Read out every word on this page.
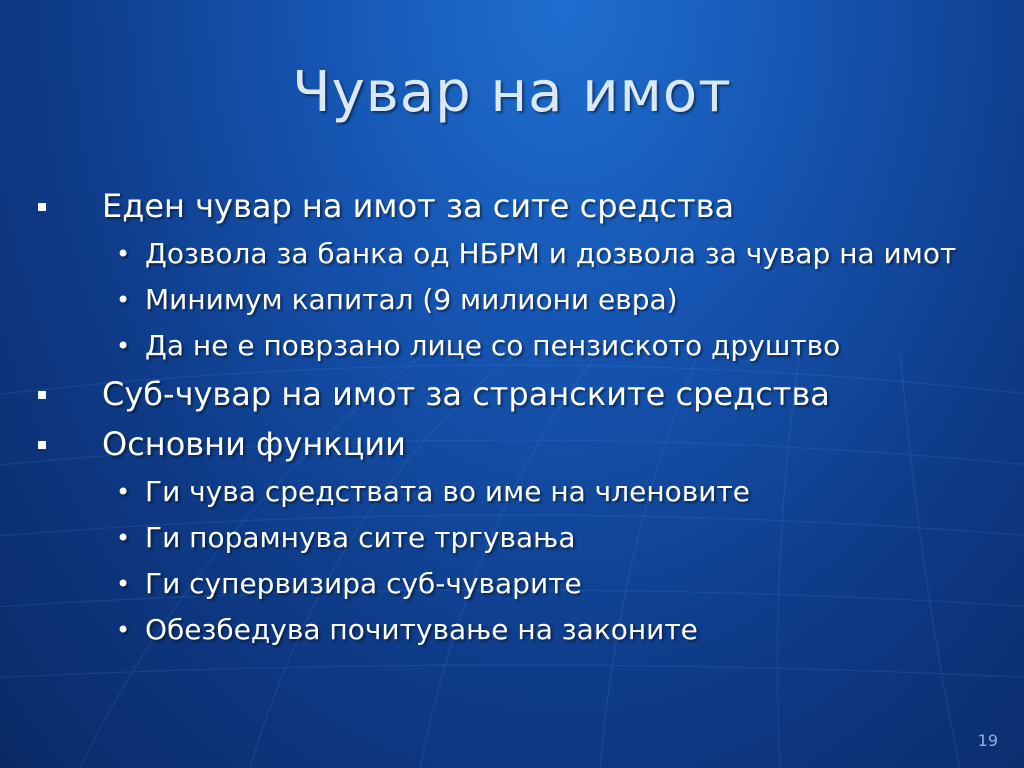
Чувар на имот
Еден чувар на имот за сите средства
• Дозвола за банка од НБРМ и дозвола за чувар на имот
• Минимум капитал (9 милиони евра)
• Да не е поврзано лице со пензиското друштво
Суб-чувар на имот за странските средства
Основни функции
• Ги чува средствата во име на членовите
• Ги порамнува сите тргувања
• Ги супервизира суб-чуварите
• Обезбедува почитување на законите
19
